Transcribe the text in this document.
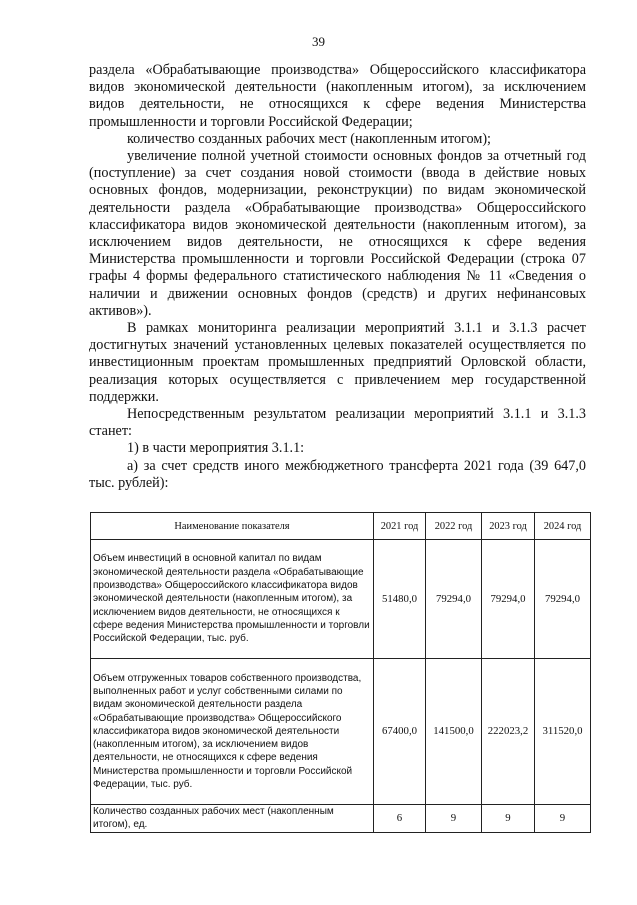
39

раздела «Обрабатывающие производства» Общероссийского классификатора видов экономической деятельности (накопленным итогом), за исключением видов деятельности, не относящихся к сфере ведения Министерства промышленности и торговли Российской Федерации;

количество созданных рабочих мест (накопленным итогом);

увеличение полной учетной стоимости основных фондов за отчетный год (поступление) за счет создания новой стоимости (ввода в действие новых основных фондов, модернизации, реконструкции) по видам экономической деятельности раздела «Обрабатывающие производства» Общероссийского классификатора видов экономической деятельности (накопленным итогом), за исключением видов деятельности, не относящихся к сфере ведения Министерства промышленности и торговли Российской Федерации (строка 07 графы 4 формы федерального статистического наблюдения № 11 «Сведения о наличии и движении основных фондов (средств) и других нефинансовых активов»).

В рамках мониторинга реализации мероприятий 3.1.1 и 3.1.3 расчет достигнутых значений установленных целевых показателей осуществляется по инвестиционным проектам промышленных предприятий Орловской области, реализация которых осуществляется с привлечением мер государственной поддержки.

Непосредственным результатом реализации мероприятий 3.1.1 и 3.1.3 станет:

1) в части мероприятия 3.1.1:

а) за счет средств иного межбюджетного трансферта 2021 года (39 647,0 тыс. рублей):

Наименование показателя	2021 год	2022 год	2023 год	2024 год
Объем инвестиций в основной капитал по видам экономической деятельности раздела «Обрабатывающие производства» Общероссийского классификатора видов экономической деятельности (накопленным итогом), за исключением видов деятельности, не относящихся к сфере ведения Министерства промышленности и торговли Российской Федерации, тыс. руб.	51480,0	79294,0	79294,0	79294,0
Объем отгруженных товаров собственного производства, выполненных работ и услуг собственными силами по видам экономической деятельности раздела «Обрабатывающие производства» Общероссийского классификатора видов экономической деятельности (накопленным итогом), за исключением видов деятельности, не относящихся к сфере ведения Министерства промышленности и торговли Российской Федерации, тыс. руб.	67400,0	141500,0	222023,2	311520,0
Количество созданных рабочих мест (накопленным итогом), ед.	6	9	9	9
